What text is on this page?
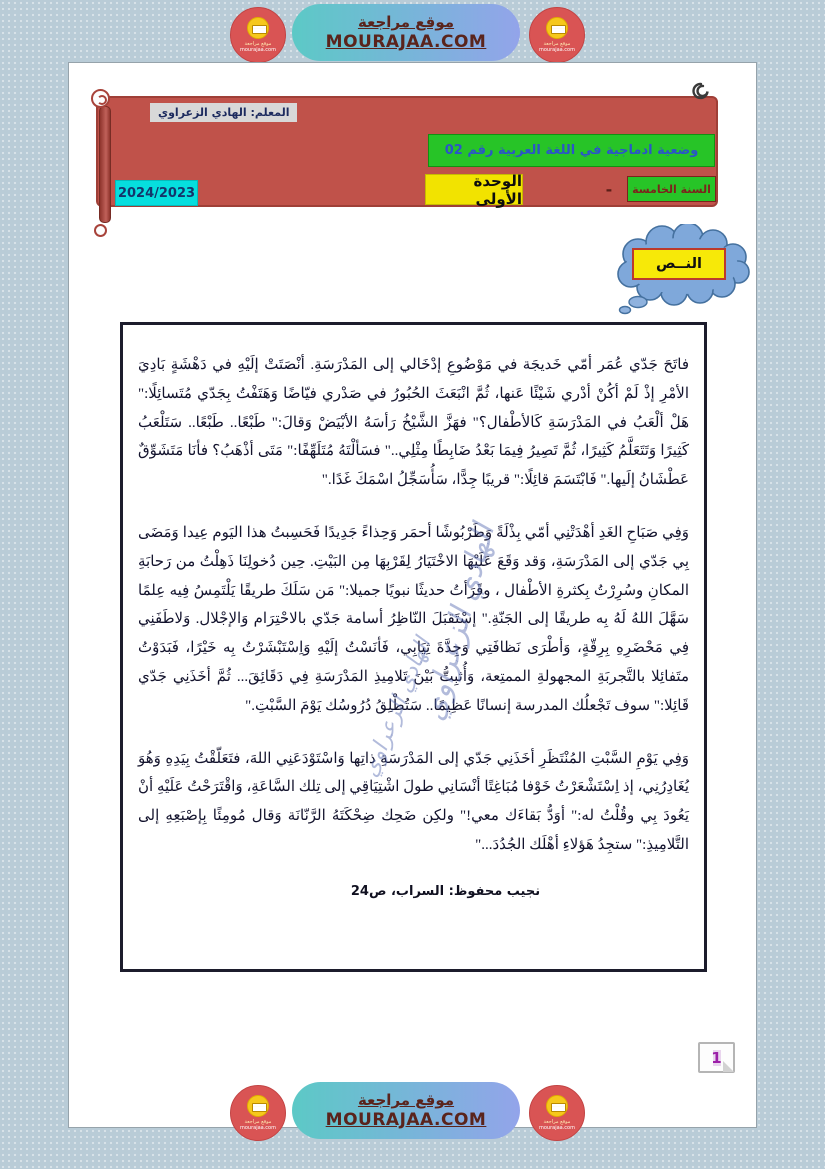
موقع مراجعة
mourajaa.com
موقع مراجعة
MOURAJAA.COM	موقع مراجعة
mourajaa.com
المعلم: الهادي الزعراوي
وضعية ادماجية في اللغة العربية رقم 02
السنة الخامسة
-
الوحدة الأولى
2024/2023
النــص

فاتَحَ جَدّي عُمَر أمّي خَديجَة في مَوْضُوعِ إدْخَالي إلى المَدْرَسَةِ. أنْصَتَتْ إلَيْهِ في دَهْشَةٍ بَادِيَ الأمْرِ إذْ لَمْ أكُنْ أدْري شَيْئًا عَنها، ثُمَّ انْبَعَثَ الحُبُورُ في صَدْري فيّاضًا وَهَتَفْتُ بِجَدّي مُتَسائِلًا:" هَلْ ألْعَبُ في المَدْرَسَةِ كَالأطْفال؟" فهَزَّ الشَّيْخُ رَأسَهُ الأبْيَضْ وَقالَ:" طَبْعًا.. طَبْعًا.. سَتَلْعَبُ كَثِيرًا وَتَتَعَلَّمُ كَثِيرًا، ثُمَّ تَصِيرُ فِيمَا بَعْدُ ضَابِطًا مِثْلِي.." فسَألْتَهُ مُتَلَهِّفًا:" مَتَى أذْهَبُ؟ فأنَا مَتَشَوِّقٌ عَطْشَانُ إلَيها." فَابْتَسَمَ قائِلًا:" قريبًا جِدًّا، سَأُسَجِّلُ اسْمَكَ غَدًا."

وَفِي صَبَاحِ الغَدِ أهْدَتْنِي أمّي بِذْلَةً وَطَرْبُوشًا أحمَر وَحِذاءً جَدِيدًا فَحَسِبتُ هذا اليَوم عِيدا وَمَضَى بِي جَدّي إلى المَدْرَسَةِ، وَقد وَقَعَ عَلَيْهَا الاخْتَيَارُ لِقَرْبِهَا مِن البَيْتِ. حِين دُخولِنَا ذَهِلْتُ من رَحابَةِ المكانِ وسُرِرْتُ بِكثرةِ الأطْفال ، وقَرَأتُ حديثًا نبويًا جميلا:" مَن سَلَكَ طريقًا يَلْتَمِسُ فِيه عِلمًا سَهَّلَ اللهُ لَهُ بِه طريقًا إلى الجَنّةِ." إسْتَقبَلَ النّاظِرُ أسامة جَدّي بالاحْتِرَام وَالإجْلال. وَلاطَفَنِي فِي مَحْضَرِهِ بِرِقّةٍ، وَأطْرَى نَظافَتِي وَجِدَّةَ ثِيَابِي، فَأنَسْتُ إلَيْهِ وَاِسْتَبْشَرْتُ بِه خَيْرًا، فَبَدَوْتُ متَفائِلا بالتَّجربَةِ المجهولةِ الممتِعة، وَأُثبِتُّ بَيْنَ تَلامِيذِ المَدْرَسَةِ فِي دَقَائِقَ... ثُمَّ أخَذَنِي جَدّي قَائِلا:" سوف تَجْعلُك المدرسة إنسانًا عَظِيمًا.. سَتُطْلِقُ دُرُوسُك يَوْمَ السَّبْتِ."

وَفِي يَوْمِ السَّبْتِ المُنْتَظَرِ أخَذَنِي جَدّي إلى المَدْرَسَةِ ذاتِها وَاسْتَوْدَعَنِي اللهَ، فتَعَلّقْتُ بِيَدِهِ وَهُوَ يُغَادِرُنِي، إذ اِسْتَشْعَرْتُ خَوْفا مُبَاغِتًا أنْسَانِي طولَ اشْتِيَاقِي إلى تِلك السَّاعَةِ، وَاقْتَرَحْتُ عَلَيْهِ أنْ يَعُودَ بِي وقُلْتُ له:" أوَدُّ بَقاءَك معي!" ولكِن ضَحِك ضِحْكَتَهُ الرَّنّانَة وَقال مُومِئًا بِإصْبَعِهِ إلى التَّلامِيذِ:" ستجِدُ هَؤلاءِ أهْلَك الجُدُدَ..."

نجيب محفوظ: السراب، ص24
الهادي الزعراوي
الهادي الزعراوي
1
موقع مراجعة
mourajaa.com
موقع مراجعة
MOURAJAA.COM	موقع مراجعة
mourajaa.com
